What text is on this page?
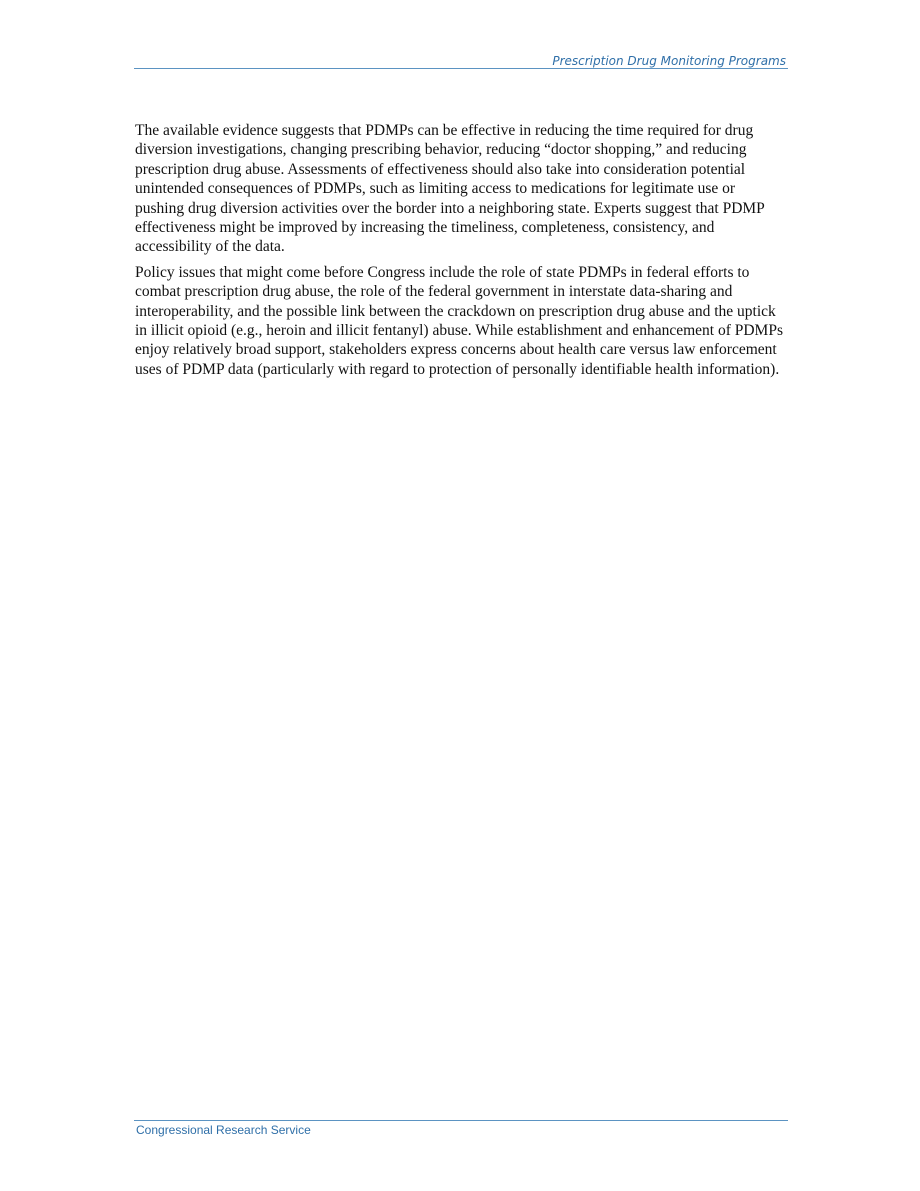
Prescription Drug Monitoring Programs

The available evidence suggests that PDMPs can be effective in reducing the time required for drug diversion investigations, changing prescribing behavior, reducing “doctor shopping,” and reducing prescription drug abuse. Assessments of effectiveness should also take into consideration potential unintended consequences of PDMPs, such as limiting access to medications for legitimate use or pushing drug diversion activities over the border into a neighboring state. Experts suggest that PDMP effectiveness might be improved by increasing the timeliness, completeness, consistency, and accessibility of the data.

Policy issues that might come before Congress include the role of state PDMPs in federal efforts to combat prescription drug abuse, the role of the federal government in interstate data-sharing and interoperability, and the possible link between the crackdown on prescription drug abuse and the uptick in illicit opioid (e.g., heroin and illicit fentanyl) abuse. While establishment and enhancement of PDMPs enjoy relatively broad support, stakeholders express concerns about health care versus law enforcement uses of PDMP data (particularly with regard to protection of personally identifiable health information).

Congressional Research Service
